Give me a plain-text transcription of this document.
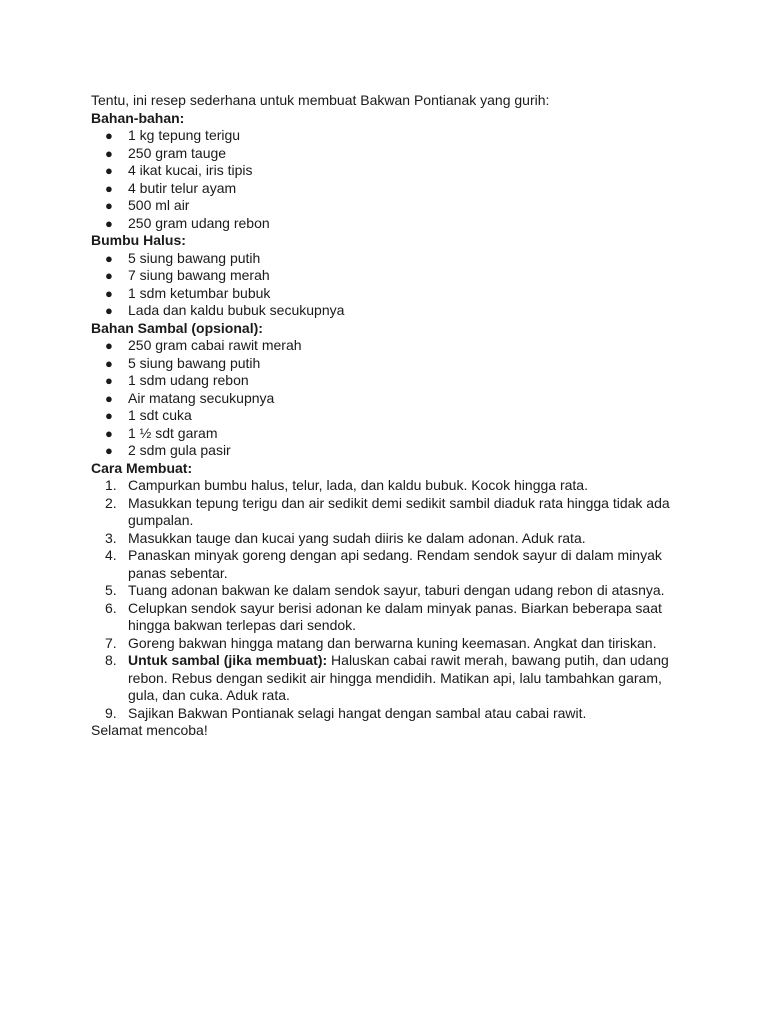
Tentu, ini resep sederhana untuk membuat Bakwan Pontianak yang gurih:

Bahan-bahan:

● 1 kg tepung terigu
● 250 gram tauge
● 4 ikat kucai, iris tipis
● 4 butir telur ayam
● 500 ml air
● 250 gram udang rebon

Bumbu Halus:

● 5 siung bawang putih
● 7 siung bawang merah
● 1 sdm ketumbar bubuk
● Lada dan kaldu bubuk secukupnya

Bahan Sambal (opsional):

● 250 gram cabai rawit merah
● 5 siung bawang putih
● 1 sdm udang rebon
● Air matang secukupnya
● 1 sdt cuka
● 1 ½ sdt garam
● 2 sdm gula pasir

Cara Membuat:

1. Campurkan bumbu halus, telur, lada, dan kaldu bubuk. Kocok hingga rata.
2. Masukkan tepung terigu dan air sedikit demi sedikit sambil diaduk rata hingga tidak ada gumpalan.
3. Masukkan tauge dan kucai yang sudah diiris ke dalam adonan. Aduk rata.
4. Panaskan minyak goreng dengan api sedang. Rendam sendok sayur di dalam minyak panas sebentar.
5. Tuang adonan bakwan ke dalam sendok sayur, taburi dengan udang rebon di atasnya.
6. Celupkan sendok sayur berisi adonan ke dalam minyak panas. Biarkan beberapa saat hingga bakwan terlepas dari sendok.
7. Goreng bakwan hingga matang dan berwarna kuning keemasan. Angkat dan tiriskan.
8. Untuk sambal (jika membuat): Haluskan cabai rawit merah, bawang putih, dan udang rebon. Rebus dengan sedikit air hingga mendidih. Matikan api, lalu tambahkan garam, gula, dan cuka. Aduk rata.
9. Sajikan Bakwan Pontianak selagi hangat dengan sambal atau cabai rawit.

Selamat mencoba!
